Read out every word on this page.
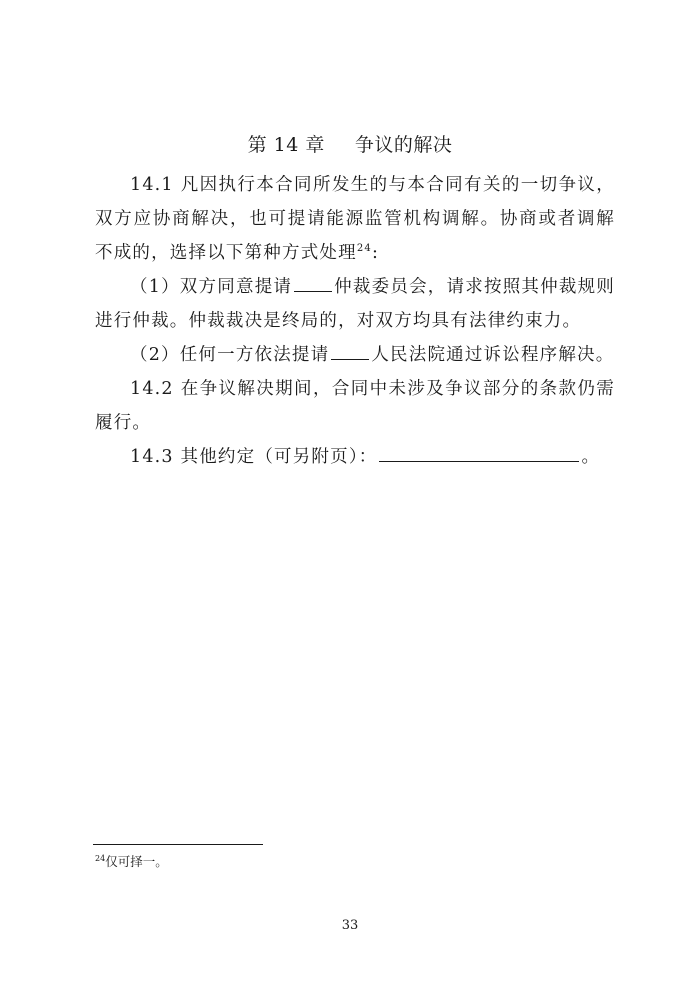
第 14 章 争议的解决

14.1 凡因执行本合同所发生的与本合同有关的一切争议，双方应协商解决，也可提请能源监管机构调解。协商或者调解不成的，选择以下第种方式处理$^{24}$:

（1）双方同意提请 仲裁委员会，请求按照其仲裁规则进行仲裁。仲裁裁决是终局的，对双方均具有法律约束力。

（2）任何一方依法提请 人民法院通过诉讼程序解决。

14.2 在争议解决期间，合同中未涉及争议部分的条款仍需履行。

14.3 其他约定（可另附页）：	。

$^{24}$仅可择一。
33
